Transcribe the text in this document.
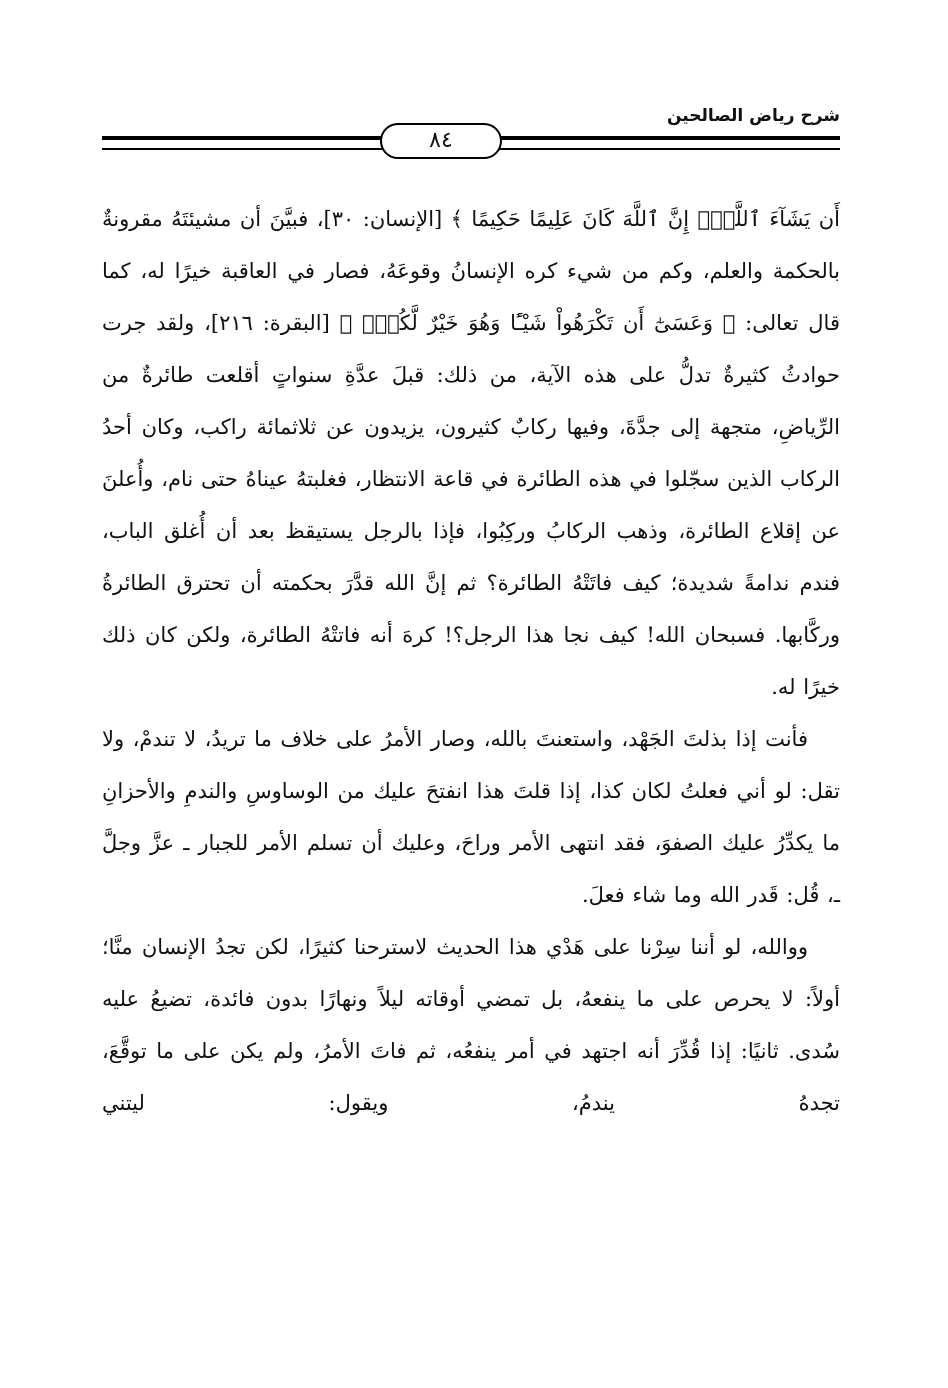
شرح رياض الصالحين
٨٤

أَن يَشَآءَ ٱللَّهُۚ إِنَّ ٱللَّهَ كَانَ عَلِيمًا حَكِيمًا ﴾ [الإنسان: ٣٠]، فبيَّنَ أن مشيئتَهُ مقرونةٌ بالحكمة والعلم، وكم من شيء كره الإنسانُ وقوعَهُ، فصار في العاقبة خيرًا له، كما قال تعالى: ﴿ وَعَسَىٰٓ أَن تَكْرَهُواْ شَيْـًٔا وَهُوَ خَيْرٌ لَّكُمْۖ ﴾ [البقرة: ٢١٦]، ولقد جرت حوادثُ كثيرةٌ تدلُّ على هذه الآية، من ذلك: قبلَ عدَّةِ سنواتٍ أقلعت طائرةٌ من الرِّياضِ، متجهة إلى جدَّةَ، وفيها ركابٌ كثيرون، يزيدون عن ثلاثمائة راكب، وكان أحدُ الركاب الذين سجّلوا في هذه الطائرة في قاعة الانتظار، فغلبتهُ عيناهُ حتى نام، وأُعلنَ عن إقلاع الطائرة، وذهب الركابُ وركِبُوا، فإذا بالرجل يستيقظ بعد أن أُغلق الباب، فندم ندامةً شديدة؛ كيف فاتَتْهُ الطائرة؟ ثم إنَّ الله قدَّرَ بحكمته أن تحترق الطائرةُ وركَّابها. فسبحان الله! كيف نجا هذا الرجل؟! كرهَ أنه فاتتْهُ الطائرة، ولكن كان ذلك خيرًا له.

فأنت إذا بذلتَ الجَهْد، واستعنتَ بالله، وصار الأمرُ على خلاف ما تريدُ، لا تندمْ، ولا تقل: لو أني فعلتُ لكان كذا، إذا قلتَ هذا انفتحَ عليك من الوساوسِ والندمِ والأحزانِ ما يكدِّرُ عليك الصفوَ، فقد انتهى الأمر وراحَ، وعليك أن تسلم الأمر للجبار ـ عزَّ وجلَّ ـ، قُل: قَدر الله وما شاء فعلَ.

ووالله، لو أننا سِرْنا على هَدْي هذا الحديث لاسترحنا كثيرًا، لكن تجدُ الإنسان منَّا؛ أولاً: لا يحرص على ما ينفعهُ، بل تمضي أوقاته ليلاً ونهارًا بدون فائدة، تضيعُ عليه سُدى. ثانيًا: إذا قُدِّرَ أنه اجتهد في أمر ينفعُه، ثم فاتَ الأمرُ، ولم يكن على ما توقَّعَ، تجدهُ يندمُ، ويقول: ليتني
